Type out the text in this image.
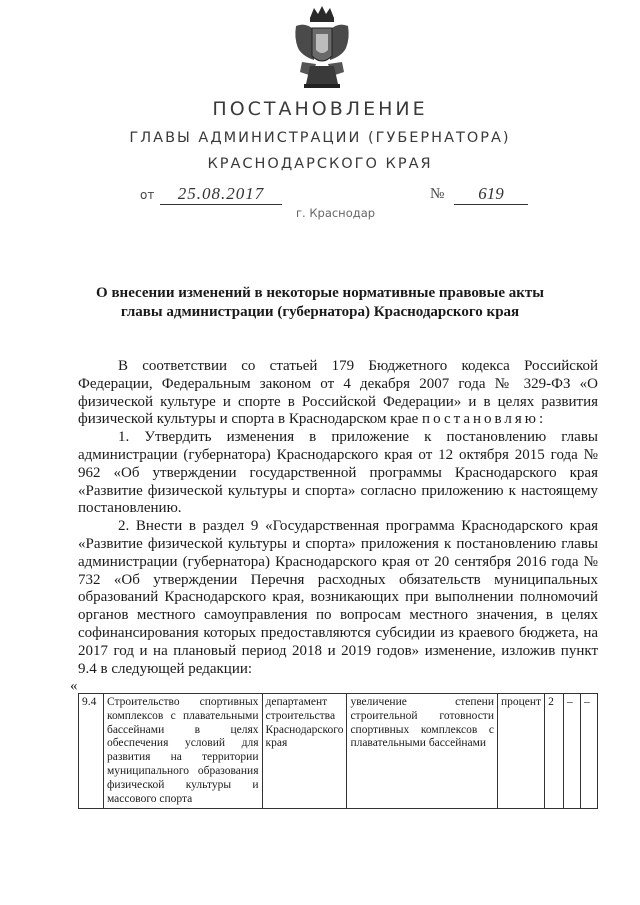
ПОСТАНОВЛЕНИЕ
ГЛАВЫ АДМИНИСТРАЦИИ (ГУБЕРНАТОРА)
КРАСНОДАРСКОГО КРАЯ
от	25.08.2017	№	619
г. Краснодар
О внесении изменений в некоторые нормативные правовые акты
главы администрации (губернатора) Краснодарского края

В соответствии со статьей 179 Бюджетного кодекса Российской Федерации, Федеральным законом от 4 декабря 2007 года № 329-ФЗ «О физической культуре и спорте в Российской Федерации» и в целях развития физической культуры и спорта в Краснодарском крае постановляю:

1. Утвердить изменения в приложение к постановлению главы администрации (губернатора) Краснодарского края от 12 октября 2015 года № 962 «Об утверждении государственной программы Краснодарского края «Развитие физической культуры и спорта» согласно приложению к настоящему постановлению.

2. Внести в раздел 9 «Государственная программа Краснодарского края «Развитие физической культуры и спорта» приложения к постановлению главы администрации (губернатора) Краснодарского края от 20 сентября 2016 года № 732 «Об утверждении Перечня расходных обязательств муниципальных образований Краснодарского края, возникающих при выполнении полномочий органов местного самоуправления по вопросам местного значения, в целях софинансирования которых предоставляются субсидии из краевого бюджета, на 2017 год и на плановый период 2018 и 2019 годов» изменение, изложив пункт 9.4 в следующей редакции:

«
9.4	Строительство спортивных комплексов с плавательными бассейнами в целях обеспечения условий для развития на территории муниципального образования физической культуры и массового спорта	департамент строительства Краснодарского края	увеличение степени строительной готовности спортивных комплексов с плавательными бассейнами	процент	2	–	–
